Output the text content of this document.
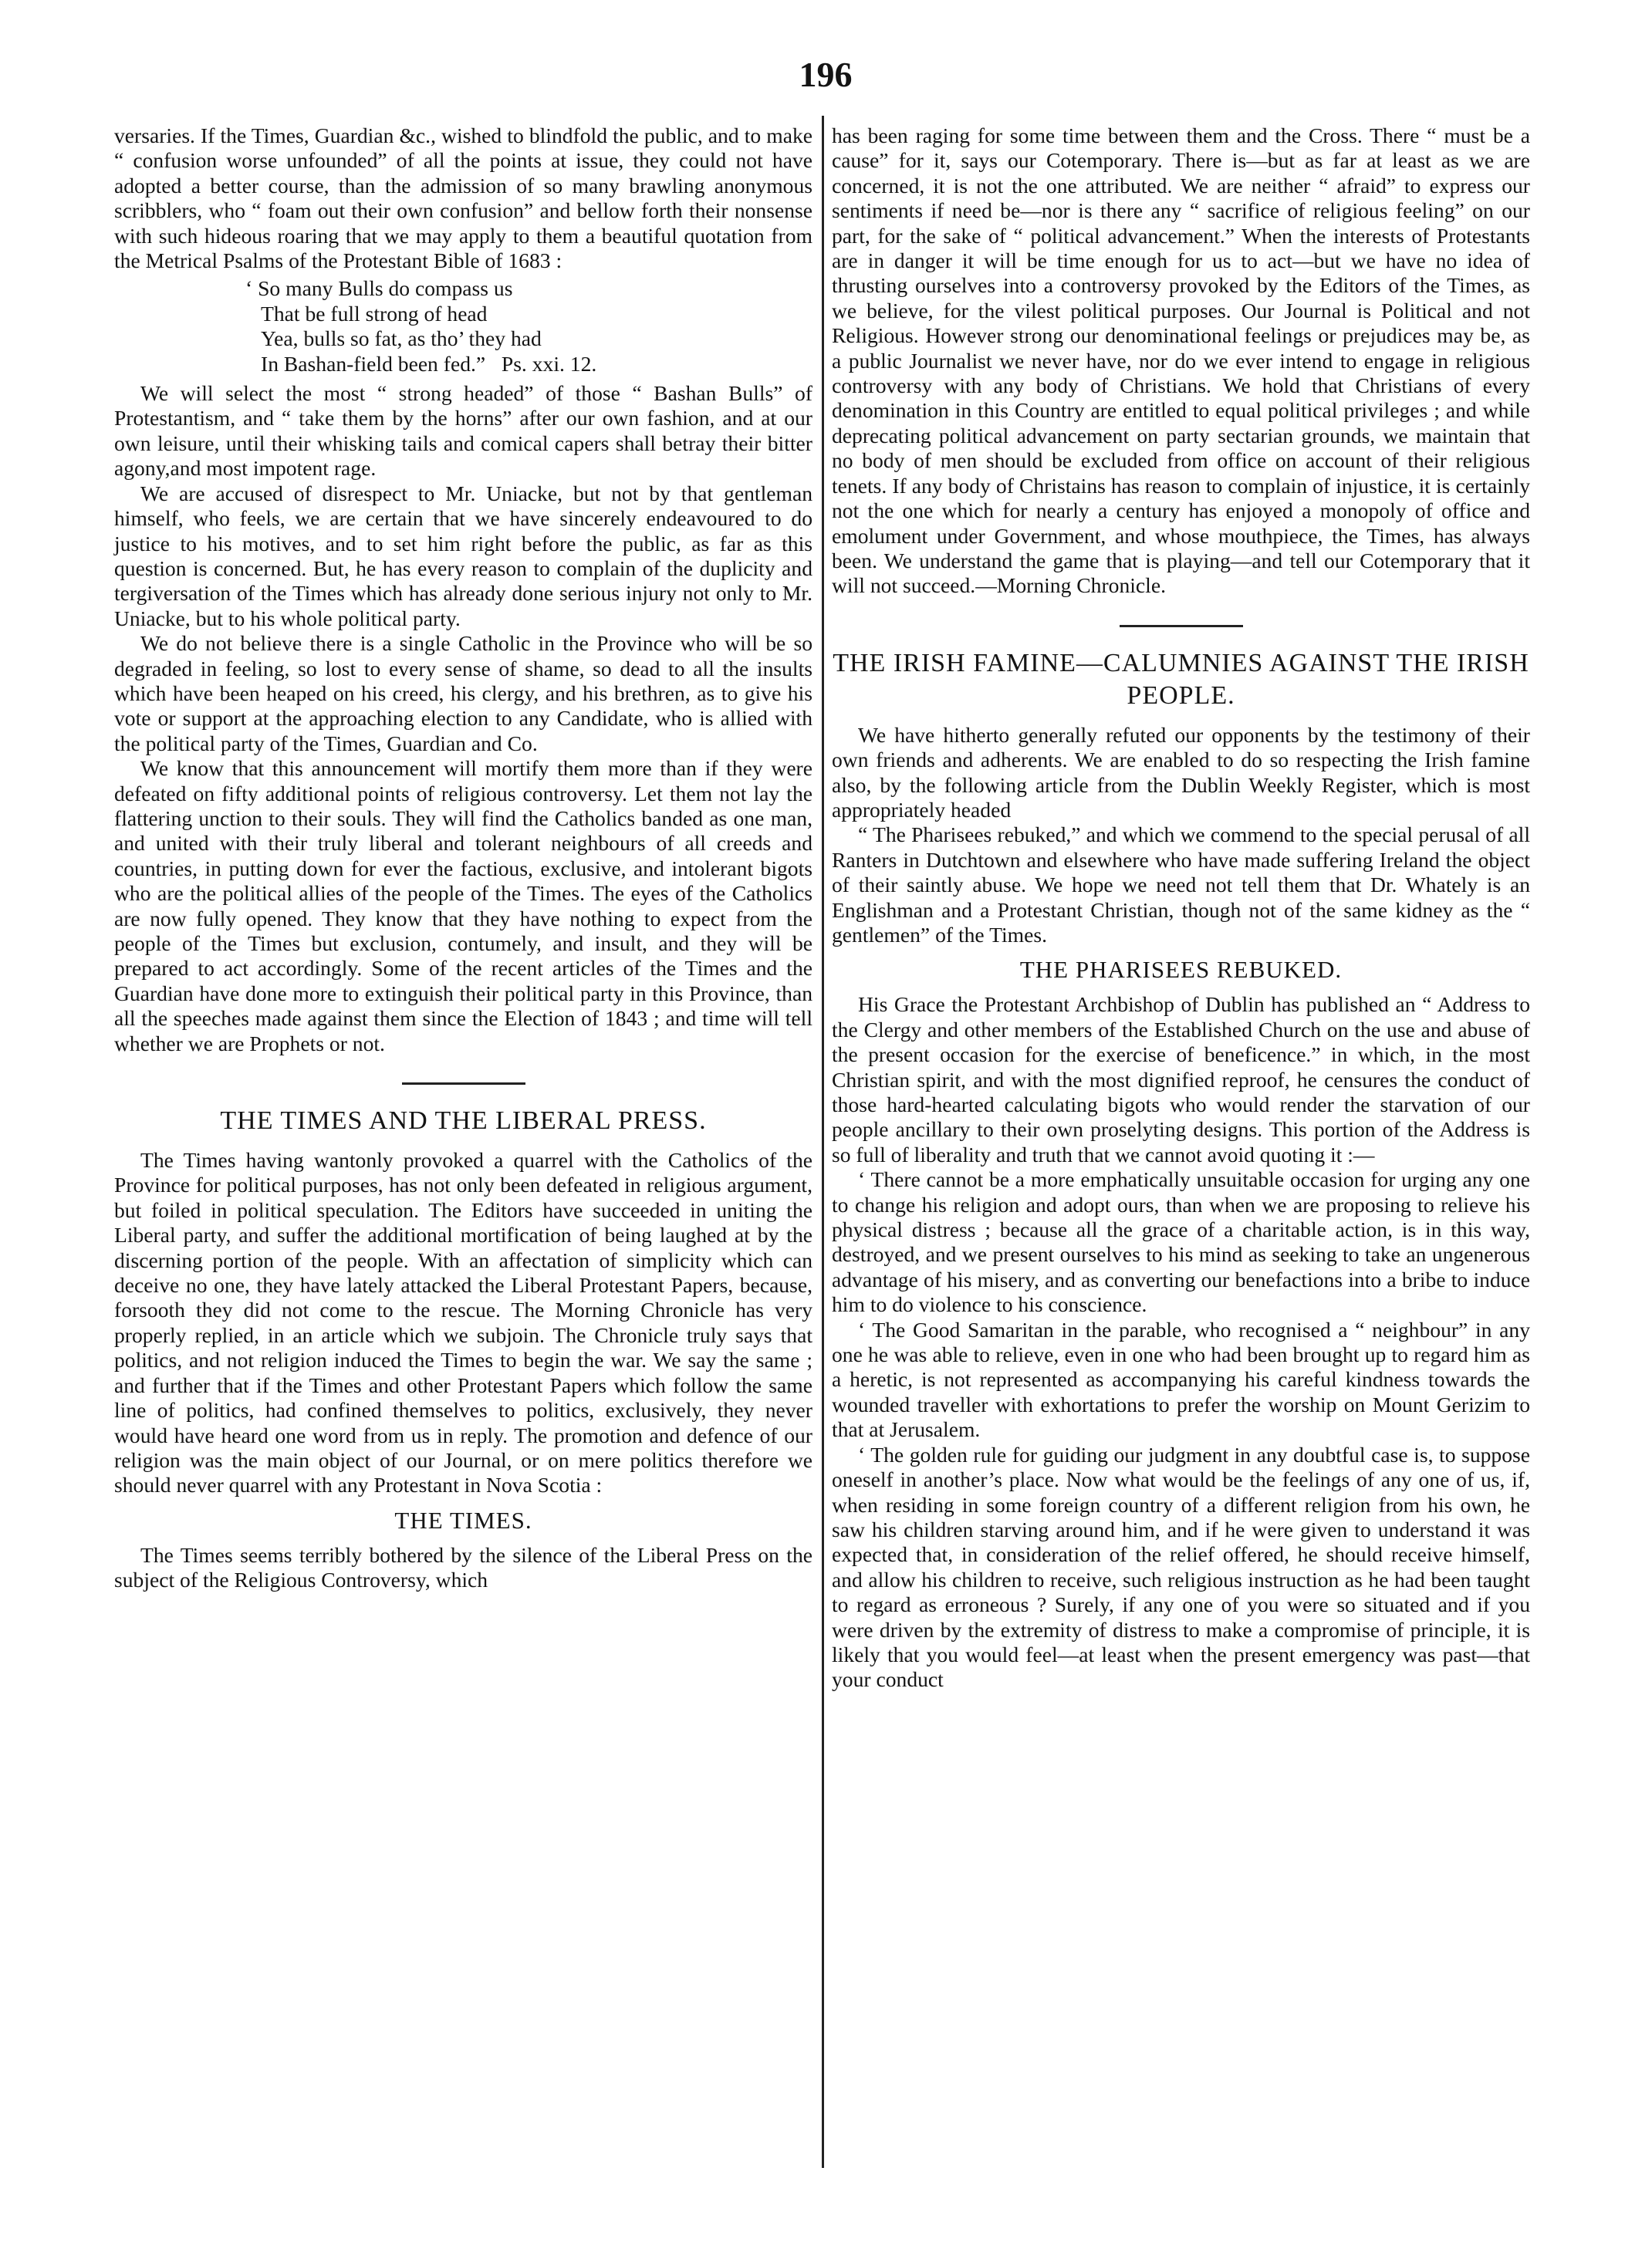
196

versaries. If the Times, Guardian &c., wished to blindfold the public, and to make “ confusion worse unfounded” of all the points at issue, they could not have adopted a better course, than the admission of so many brawling anonymous scribblers, who “ foam out their own confusion” and bellow forth their nonsense with such hideous roaring that we may apply to them a beautiful quotation from the Metrical Psalms of the Protestant Bible of 1683 :

‘ So many Bulls do compass us
That be full strong of head
Yea, bulls so fat, as tho’ they had
In Bashan-field been fed.” Ps. xxi. 12.

We will select the most “ strong headed” of those “ Bashan Bulls” of Protestantism, and “ take them by the horns” after our own fashion, and at our own leisure, until their whisking tails and comical capers shall betray their bitter agony,and most impotent rage.

We are accused of disrespect to Mr. Uniacke, but not by that gentleman himself, who feels, we are certain that we have sincerely endeavoured to do justice to his motives, and to set him right before the public, as far as this question is concerned. But, he has every reason to complain of the duplicity and tergiversation of the Times which has already done serious injury not only to Mr. Uniacke, but to his whole political party.

We do not believe there is a single Catholic in the Province who will be so degraded in feeling, so lost to every sense of shame, so dead to all the insults which have been heaped on his creed, his clergy, and his brethren, as to give his vote or support at the approaching election to any Candidate, who is allied with the political party of the Times, Guardian and Co.

We know that this announcement will mortify them more than if they were defeated on fifty additional points of religious controversy. Let them not lay the flattering unction to their souls. They will find the Catholics banded as one man, and united with their truly liberal and tolerant neighbours of all creeds and countries, in putting down for ever the factious, exclusive, and intolerant bigots who are the political allies of the people of the Times. The eyes of the Catholics are now fully opened. They know that they have nothing to expect from the people of the Times but exclusion, contumely, and insult, and they will be prepared to act accordingly. Some of the recent articles of the Times and the Guardian have done more to extinguish their political party in this Province, than all the speeches made against them since the Election of 1843 ; and time will tell whether we are Prophets or not.

THE TIMES AND THE LIBERAL PRESS.

The Times having wantonly provoked a quarrel with the Catholics of the Province for political purposes, has not only been defeated in religious argument, but foiled in political speculation. The Editors have succeeded in uniting the Liberal party, and suffer the additional mortification of being laughed at by the discerning portion of the people. With an affectation of simplicity which can deceive no one, they have lately attacked the Liberal Protestant Papers, because, forsooth they did not come to the rescue. The Morning Chronicle has very properly replied, in an article which we subjoin. The Chronicle truly says that politics, and not religion induced the Times to begin the war. We say the same ; and further that if the Times and other Protestant Papers which follow the same line of politics, had confined themselves to politics, exclusively, they never would have heard one word from us in reply. The promotion and defence of our religion was the main object of our Journal, or on mere politics therefore we should never quarrel with any Protestant in Nova Scotia :

THE TIMES.

The Times seems terribly bothered by the silence of the Liberal Press on the subject of the Religious Controversy, which

has been raging for some time between them and the Cross. There “ must be a cause” for it, says our Cotemporary. There is—but as far at least as we are concerned, it is not the one attributed. We are neither “ afraid” to express our sentiments if need be—nor is there any “ sacrifice of religious feeling” on our part, for the sake of “ political advancement.” When the interests of Protestants are in danger it will be time enough for us to act—but we have no idea of thrusting ourselves into a controversy provoked by the Editors of the Times, as we believe, for the vilest political purposes. Our Journal is Political and not Religious. However strong our denominational feelings or prejudices may be, as a public Journalist we never have, nor do we ever intend to engage in religious controversy with any body of Christians. We hold that Christians of every denomination in this Country are entitled to equal political privileges ; and while deprecating political advancement on party sectarian grounds, we maintain that no body of men should be excluded from office on account of their religious tenets. If any body of Christains has reason to complain of injustice, it is certainly not the one which for nearly a century has enjoyed a monopoly of office and emolument under Government, and whose mouthpiece, the Times, has always been. We understand the game that is playing—and tell our Cotemporary that it will not succeed.—Morning Chronicle.

THE IRISH FAMINE—CALUMNIES AGAINST THE IRISH PEOPLE.

We have hitherto generally refuted our opponents by the testimony of their own friends and adherents. We are enabled to do so respecting the Irish famine also, by the following article from the Dublin Weekly Register, which is most appropriately headed

“ The Pharisees rebuked,” and which we commend to the special perusal of all Ranters in Dutchtown and elsewhere who have made suffering Ireland the object of their saintly abuse. We hope we need not tell them that Dr. Whately is an Englishman and a Protestant Christian, though not of the same kidney as the “ gentlemen” of the Times.

THE PHARISEES REBUKED.

His Grace the Protestant Archbishop of Dublin has published an “ Address to the Clergy and other members of the Established Church on the use and abuse of the present occasion for the exercise of beneficence.” in which, in the most Christian spirit, and with the most dignified reproof, he censures the conduct of those hard-hearted calculating bigots who would render the starvation of our people ancillary to their own proselyting designs. This portion of the Address is so full of liberality and truth that we cannot avoid quoting it :—

‘ There cannot be a more emphatically unsuitable occasion for urging any one to change his religion and adopt ours, than when we are proposing to relieve his physical distress ; because all the grace of a charitable action, is in this way, destroyed, and we present ourselves to his mind as seeking to take an ungenerous advantage of his misery, and as converting our benefactions into a bribe to induce him to do violence to his conscience.

‘ The Good Samaritan in the parable, who recognised a “ neighbour” in any one he was able to relieve, even in one who had been brought up to regard him as a heretic, is not represented as accompanying his careful kindness towards the wounded traveller with exhortations to prefer the worship on Mount Gerizim to that at Jerusalem.

‘ The golden rule for guiding our judgment in any doubtful case is, to suppose oneself in another’s place. Now what would be the feelings of any one of us, if, when residing in some foreign country of a different religion from his own, he saw his children starving around him, and if he were given to understand it was expected that, in consideration of the relief offered, he should receive himself, and allow his children to receive, such religious instruction as he had been taught to regard as erroneous ? Surely, if any one of you were so situated and if you were driven by the extremity of distress to make a compromise of principle, it is likely that you would feel—at least when the present emergency was past—that your conduct
